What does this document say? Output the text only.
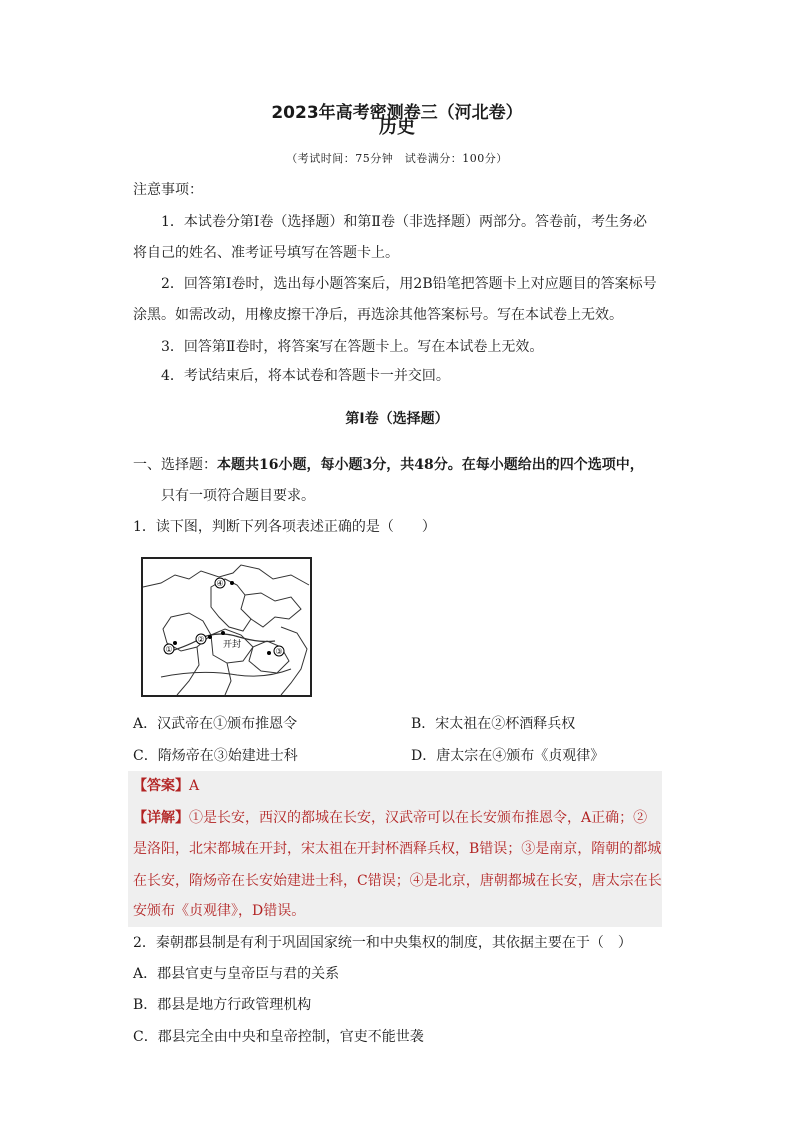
2023年高考密测卷三（河北卷）
历史
（考试时间：75分钟　试卷满分：100分）
注意事项：
1．本试卷分第Ⅰ卷（选择题）和第Ⅱ卷（非选择题）两部分。答卷前，考生务必
将自己的姓名、准考证号填写在答题卡上。
2．回答第Ⅰ卷时，选出每小题答案后，用2B铅笔把答题卡上对应题目的答案标号
涂黑。如需改动，用橡皮擦干净后，再选涂其他答案标号。写在本试卷上无效。
3．回答第Ⅱ卷时，将答案写在答题卡上。写在本试卷上无效。
4．考试结束后，将本试卷和答题卡一并交回。
第Ⅰ卷（选择题）
一、选择题：本题共16小题，每小题3分，共48分。在每小题给出的四个选项中，
只有一项符合题目要求。
1．读下图，判断下列各项表述正确的是（　　）
①
②
开封
③
④
A．汉武帝在①颁布推恩令	B．宋太祖在②杯酒释兵权
C．隋炀帝在③始建进士科	D．唐太宗在④颁布《贞观律》
【答案】A
【详解】①是长安，西汉的都城在长安，汉武帝可以在长安颁布推恩令，A正确；②
是洛阳，北宋都城在开封，宋太祖在开封杯酒释兵权，B错误；③是南京，隋朝的都城
在长安，隋炀帝在长安始建进士科，C错误；④是北京，唐朝都城在长安，唐太宗在长
安颁布《贞观律》，D错误。
2．秦朝郡县制是有利于巩固国家统一和中央集权的制度，其依据主要在于（　）
A．郡县官吏与皇帝臣与君的关系
B．郡县是地方行政管理机构
C．郡县完全由中央和皇帝控制，官吏不能世袭
